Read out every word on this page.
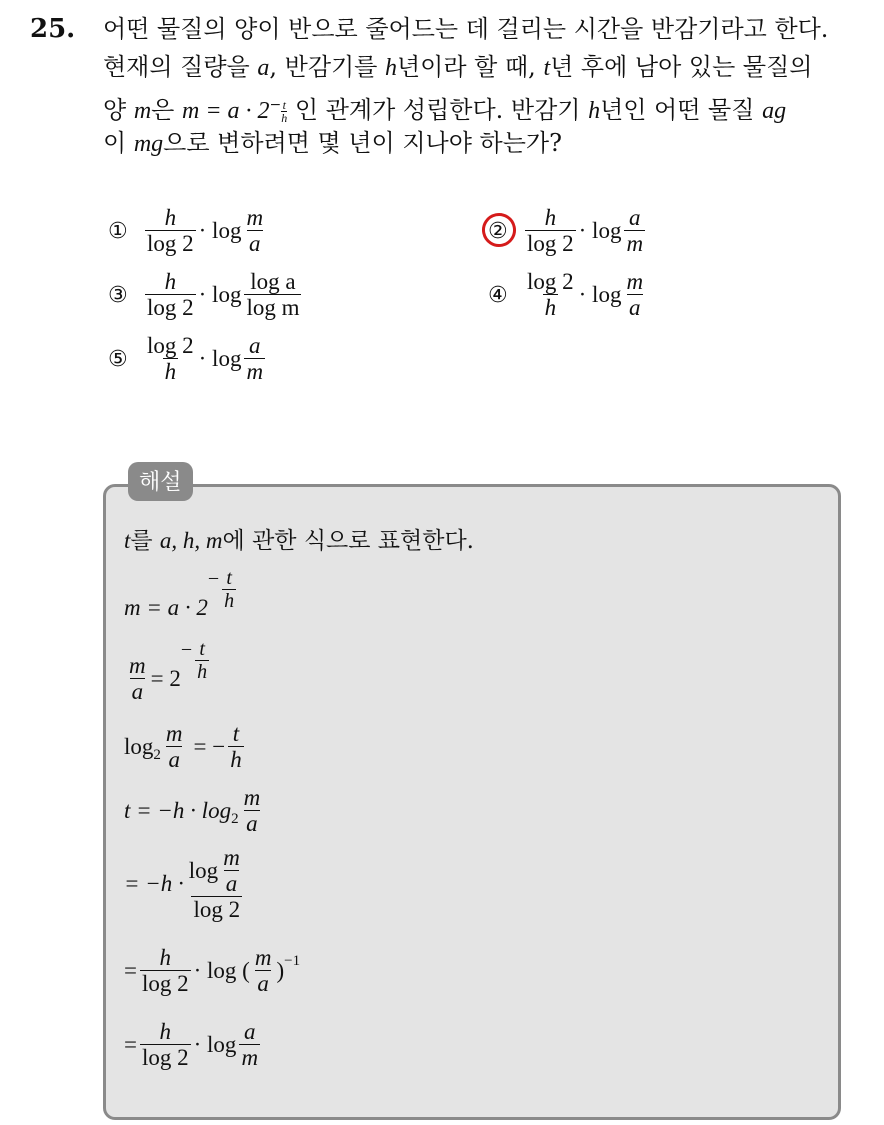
25. 어떤 물질의 양이 반으로 줄어드는 데 걸리는 시간을 반감기라고 한다.
현재의 질량을 a, 반감기를 h년이라 할 때, t년 후에 남아 있는 물질의
양 m은 $m = a \cdot 2^- \frac{t}{h}$ 인 관계가 성립한다. 반감기 h년인 어떤 물질 ag
이 mg으로 변하려면 몇 년이 지나야 하는가?
① $\frac{h}{\log 2} \cdot \log \frac{m}{a}$	② $\frac{h}{\log 2} \cdot \log \frac{a}{m}$
③ $\frac{h}{\log 2} \cdot \log \frac{\text{log a}}{\text{log m}}$	④ $\frac{\log 2}{h} \cdot \log \frac{m}{a}$
⑤ $\frac{\log 2}{h} \cdot \log \frac{a}{m}$
해설
t를 a, h, m에 관한 식으로 표현한다.
m = a · 2
− $\frac{t}{h}$
$\frac{m}{a} = 2$
− $\frac{t}{h}$
$\log 2 \frac{m}{a}$ = − $\frac{t}{h}$
$t = -h \cdot \log 2 \frac{m}{a}$
= $-h \cdot \frac{\log \frac{m}{a}}{\log 2}$
= $\frac{h}{\log 2} \cdot \log$ ( $\frac{m}{a}$ ) −1
= $\frac{h}{\log 2} \cdot \log \frac{a}{m}$
